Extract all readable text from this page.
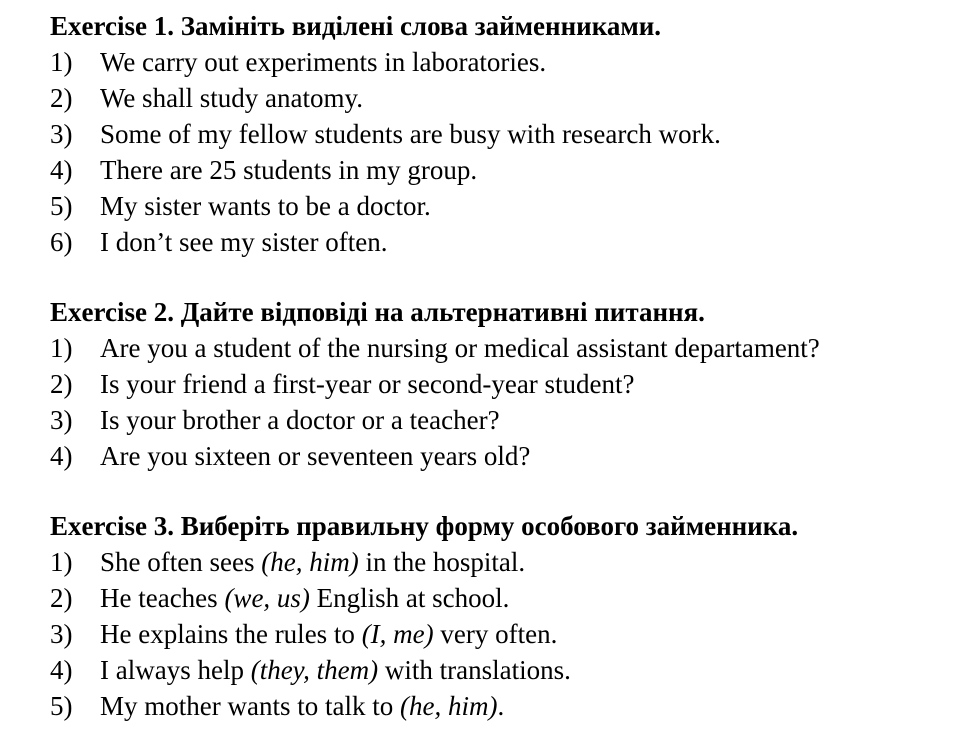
Exercise 1. Замініть виділені слова займенниками.
1)	We carry out experiments in laboratories.
2)	We shall study anatomy.
3)	Some of my fellow students are busy with research work.
4)	There are 25 students in my group.
5)	My sister wants to be a doctor.
6)	I don’t see my sister often.
Exercise 2. Дайте відповіді на альтернативні питання.
1)	Are you a student of the nursing or medical assistant departament?
2)	Is your friend a first-year or second-year student?
3)	Is your brother a doctor or a teacher?
4)	Are you sixteen or seventeen years old?
Exercise 3. Виберіть правильну форму особового займенника.
1)	She often sees (he, him) in the hospital.
2)	He teaches (we, us) English at school.
3)	He explains the rules to (I, me) very often.
4)	I always help (they, them) with translations.
5)	My mother wants to talk to (he, him).
